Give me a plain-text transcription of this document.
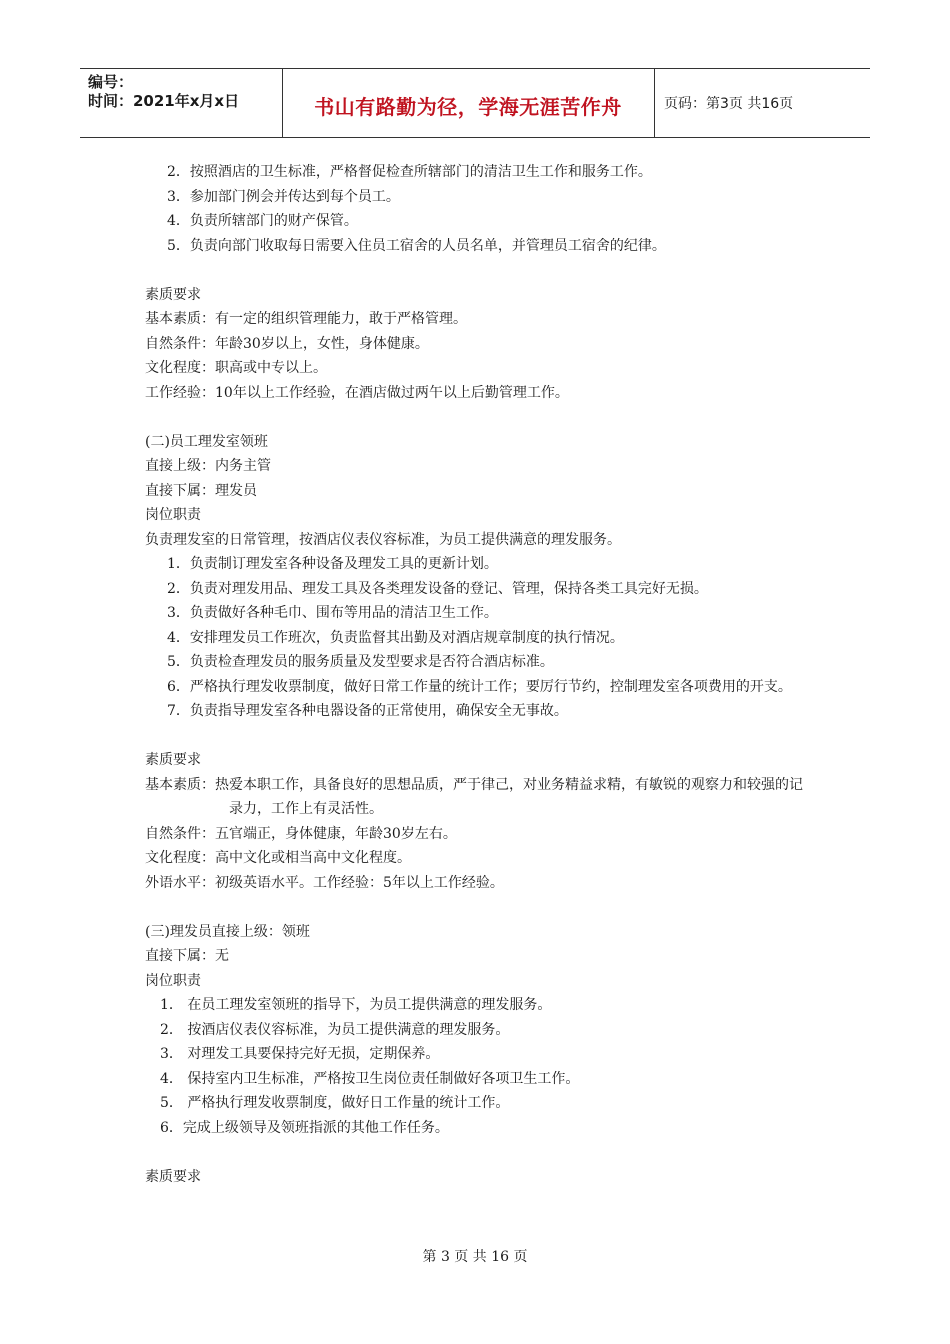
编号：
时间：2021年x月x日	书山有路勤为径，学海无涯苦作舟	页码：第3页 共16页
2．按照酒店的卫生标准，严格督促检查所辖部门的清洁卫生工作和服务工作。
3．参加部门例会并传达到每个员工。
4．负责所辖部门的财产保管。
5．负责向部门收取每日需要入住员工宿舍的人员名单，并管理员工宿舍的纪律。
素质要求
基本素质：有一定的组织管理能力，敢于严格管理。
自然条件：年龄30岁以上，女性，身体健康。
文化程度：职高或中专以上。
工作经验：10年以上工作经验，在酒店做过两午以上后勤管理工作。
(二)员工理发室领班
直接上级：内务主管
直接下属：理发员
岗位职责
负责理发室的日常管理，按酒店仪表仪容标准，为员工提供满意的理发服务。
1．负责制订理发室各种设备及理发工具的更新计划。
2．负责对理发用品、理发工具及各类理发设备的登记、管理，保持各类工具完好无损。
3．负责做好各种毛巾、围布等用品的清洁卫生工作。
4．安排理发员工作班次，负责监督其出勤及对酒店规章制度的执行情况。
5．负责检查理发员的服务质量及发型要求是否符合酒店标准。
6．严格执行理发收票制度，做好日常工作量的统计工作；要厉行节约，控制理发室各项费用的开支。
7．负责指导理发室各种电器设备的正常使用，确保安全无事故。
素质要求
基本素质：热爱本职工作，具备良好的思想品质，严于律己，对业务精益求精，有敏锐的观察力和较强的记录力，工作上有灵活性。
自然条件：五官端正，身体健康，年龄30岁左右。
文化程度：高中文化或相当高中文化程度。
外语水平：初级英语水平。工作经验：5年以上工作经验。
(三)理发员直接上级：领班
直接下属：无
岗位职责
1． 在员工理发室领班的指导下，为员工提供满意的理发服务。
2． 按酒店仪表仪容标准，为员工提供满意的理发服务。
3． 对理发工具要保持完好无损，定期保养。
4． 保持室内卫生标准，严格按卫生岗位责任制做好各项卫生工作。
5． 严格执行理发收票制度，做好日工作量的统计工作。
6．完成上级领导及领班指派的其他工作任务。
素质要求
第 3 页 共 16 页
